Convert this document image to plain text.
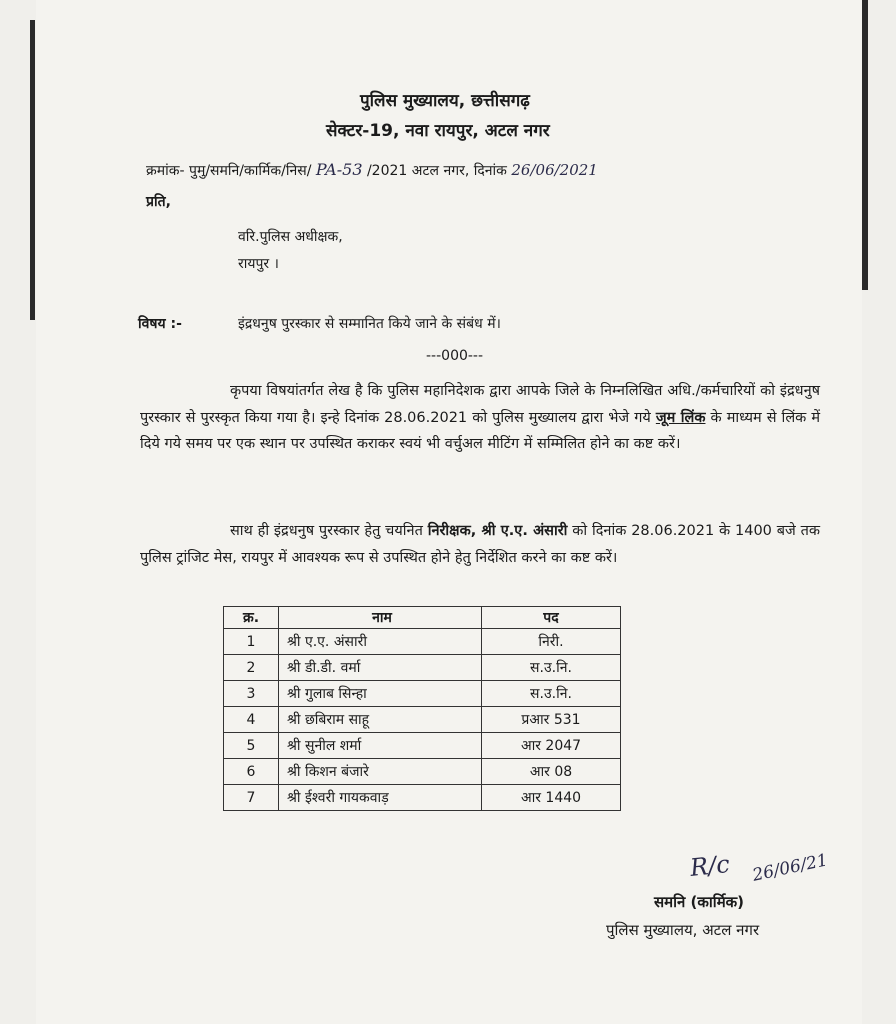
पुलिस मुख्यालय, छत्तीसगढ़
सेक्टर-19, नवा रायपुर, अटल नगर
क्रमांक- पुमु/समनि/कार्मिक/निस/ PA-53 /2021 अटल नगर, दिनांक 26/06/2021
प्रति,
वरि.पुलिस अधीक्षक,
रायपुर ।
विषय :-	इंद्रधनुष पुरस्कार से सम्मानित किये जाने के संबंध में।
---000---
कृपया विषयांतर्गत लेख है कि पुलिस महानिदेशक द्वारा आपके जिले के निम्नलिखित अधि./कर्मचारियों को इंद्रधनुष पुरस्कार से पुरस्कृत किया गया है। इन्हे दिनांक 28.06.2021 को पुलिस मुख्यालय द्वारा भेजे गये जूम लिंक के माध्यम से लिंक में दिये गये समय पर एक स्थान पर उपस्थित कराकर स्वयं भी वर्चुअल मीटिंग में सम्मिलित होने का कष्ट करें।
साथ ही इंद्रधनुष पुरस्कार हेतु चयनित निरीक्षक, श्री ए.ए. अंसारी को दिनांक 28.06.2021 के 1400 बजे तक पुलिस ट्रांजिट मेस, रायपुर में आवश्यक रूप से उपस्थित होने हेतु निर्देशित करने का कष्ट करें।
क्र.	नाम	पद
1	श्री ए.ए. अंसारी	निरी.
2	श्री डी.डी. वर्मा	स.उ.नि.
3	श्री गुलाब सिन्हा	स.उ.नि.
4	श्री छबिराम साहू	प्रआर 531
5	श्री सुनील शर्मा	आर 2047
6	श्री किशन बंजारे	आर 08
7	श्री ईश्वरी गायकवाड़	आर 1440
R/c 26/06/21
समनि (कार्मिक)
पुलिस मुख्यालय, अटल नगर
